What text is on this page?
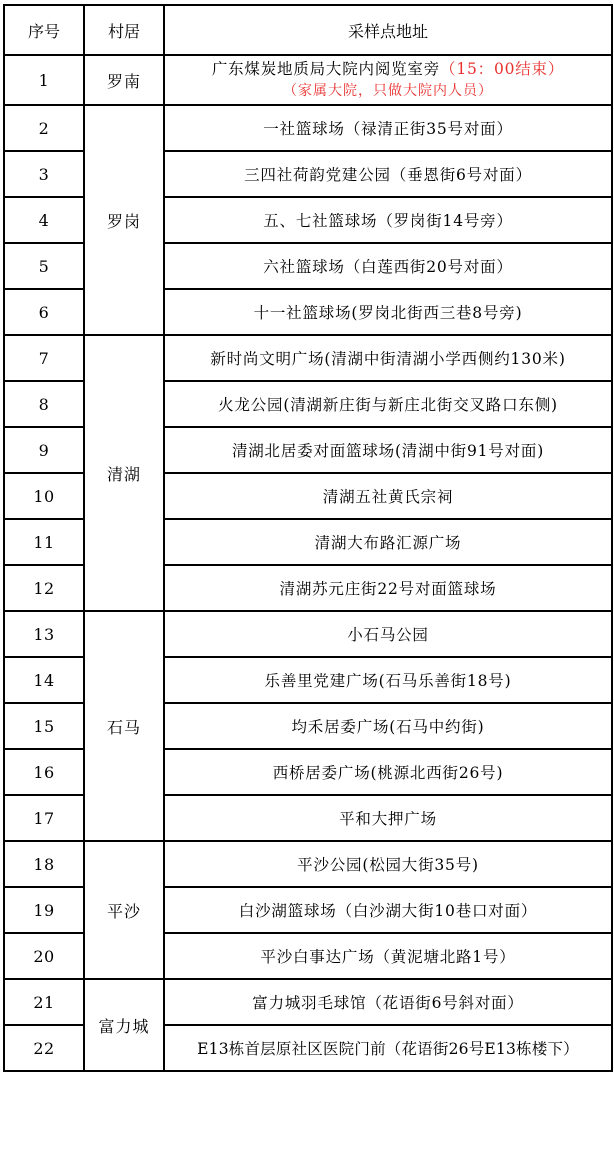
序号	村居	采样点地址
1	罗南	广东煤炭地质局大院内阅览室旁（15：00结束）
（家属大院，只做大院内人员）

2	罗岗	一社篮球场（禄清正街35号对面）
3		三四社荷韵党建公园（垂恩街6号对面）
4		五、七社篮球场（罗岗街14号旁）
5		六社篮球场（白莲西街20号对面）
6		十一社篮球场(罗岗北街西三巷8号旁)
7	清湖	新时尚文明广场(清湖中街清湖小学西侧约130米)
8		火龙公园(清湖新庄街与新庄北街交叉路口东侧)
9		清湖北居委对面篮球场(清湖中街91号对面)
10		清湖五社黄氏宗祠
11		清湖大布路汇源广场
12		清湖苏元庄街22号对面篮球场
13	石马	小石马公园
14		乐善里党建广场(石马乐善街18号)
15		均禾居委广场(石马中约街)
16		西桥居委广场(桃源北西街26号)
17		平和大押广场
18	平沙	平沙公园(松园大街35号)
19		白沙湖篮球场（白沙湖大街10巷口对面）
20		平沙白事达广场（黄泥塘北路1号）
21	富力城	富力城羽毛球馆（花语街6号斜对面）
22		E13栋首层原社区医院门前（花语街26号E13栋楼下）
